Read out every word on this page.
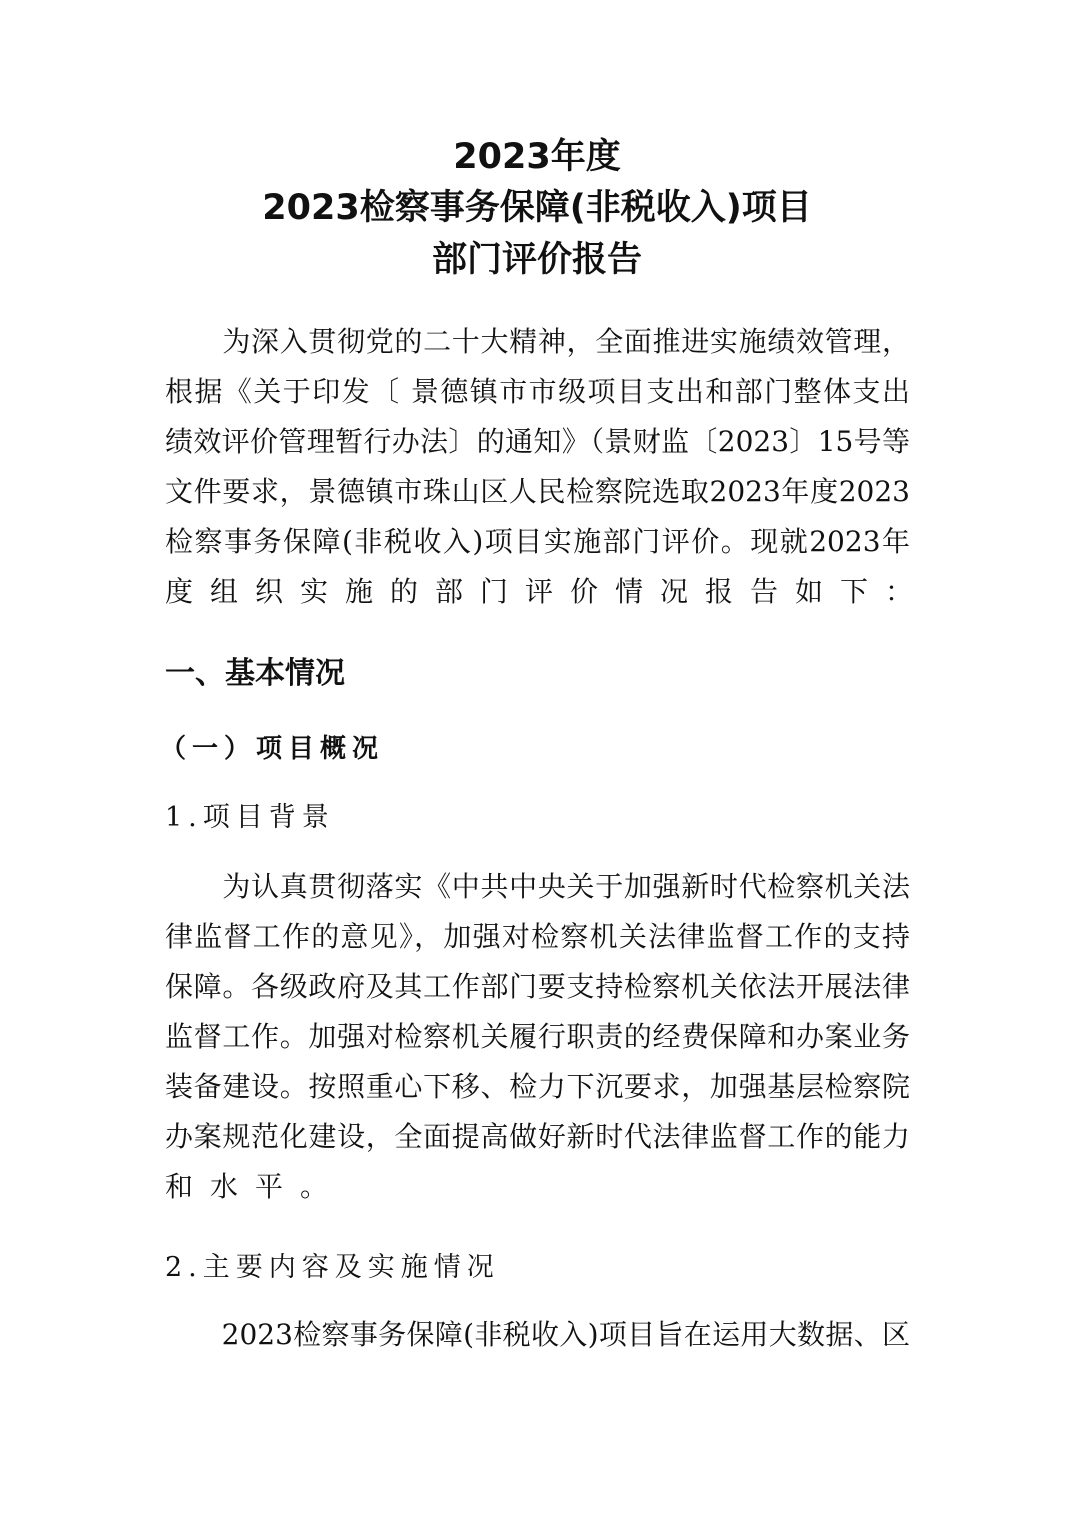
2023年度
2023检察事务保障(非税收入)项目
部门评价报告
　　为深入贯彻党的二十大精神，全面推进实施绩效管理，
根据《关于印发〔 景德镇市市级项目支出和部门整体支出
绩效评价管理暂行办法〕的通知》（景财监〔2023〕15号等
文件要求，景德镇市珠山区人民检察院选取2023年度2023
检察事务保障(非税收入)项目实施部门评价。现就2023年
度组织实施的部门评价情况报告如下：
一、基本情况
（一）项目概况
1.项目背景
　　为认真贯彻落实《中共中央关于加强新时代检察机关法
律监督工作的意见》，加强对检察机关法律监督工作的支持
保障。各级政府及其工作部门要支持检察机关依法开展法律
监督工作。加强对检察机关履行职责的经费保障和办案业务
装备建设。按照重心下移、检力下沉要求，加强基层检察院
办案规范化建设，全面提高做好新时代法律监督工作的能力
和水平。
2.主要内容及实施情况
　　2023检察事务保障(非税收入)项目旨在运用大数据、区
